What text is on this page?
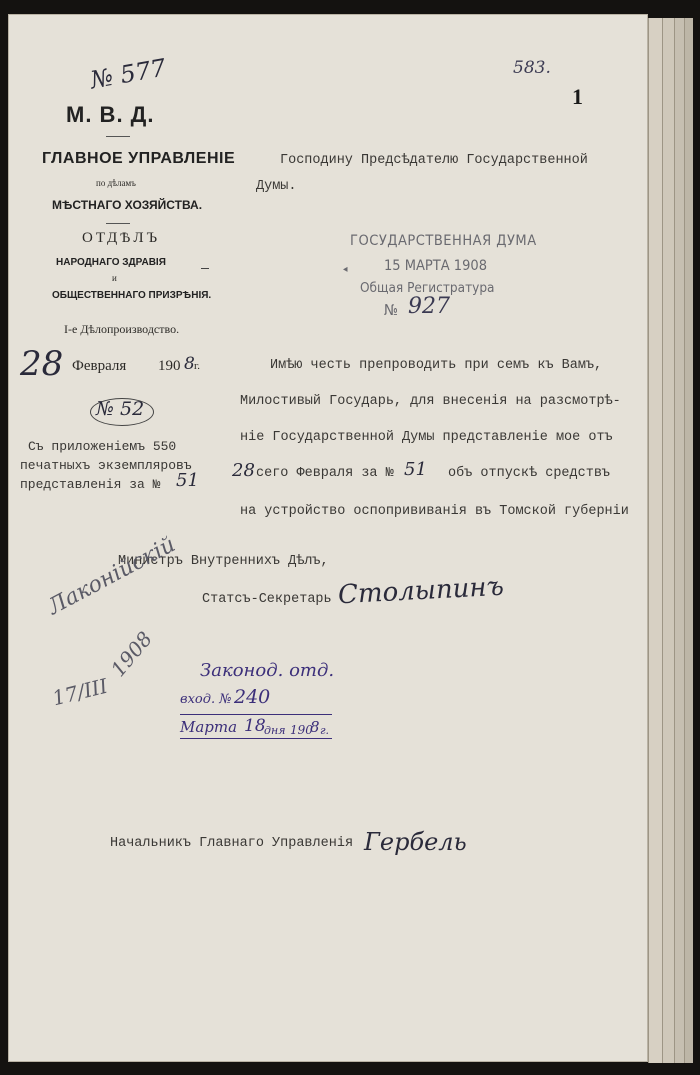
583.
1
№ 577
М. В. Д.
ГЛАВНОЕ УПРАВЛЕНIЕ
по дѣламъ
МѢСТНАГО ХОЗЯЙСТВА.
ОТДѢЛЪ
НАРОДНАГО ЗДРАВІЯ
и
ОБЩЕСТВЕННАГО ПРИЗРѢНІЯ.
I-е Дѣлопроизводство.
28 Февраля 190 8 г.
№ 52
Съ приложенiемъ 550
печатныхъ экземпляровъ
представленiя за № 51
Господину Предсѣдателю Государственной
Думы.
ГОСУДАРСТВЕННАЯ ДУМА
15 МАРТА 1908
◂
Общая Регистратура
№ 927
Имѣю честь препроводить при семъ къ Вамъ,
Милостивый Государь, для внесенія на разсмотрѣ-
ніе Государственной Думы представленіе мое отъ
28 сего Февраля за № 51 объ отпускѣ средствъ
на устройство оспопрививанія въ Томской губерніи
Министръ Внутреннихъ Дѣлъ,
Статсъ-Секретарь Столыпинъ
Лаконійскій
17/III
1908 Законод. отд.
вход. № 240
Марта 18
дня 190
8 г.
Начальникъ Главнаго Управленія Гербель
